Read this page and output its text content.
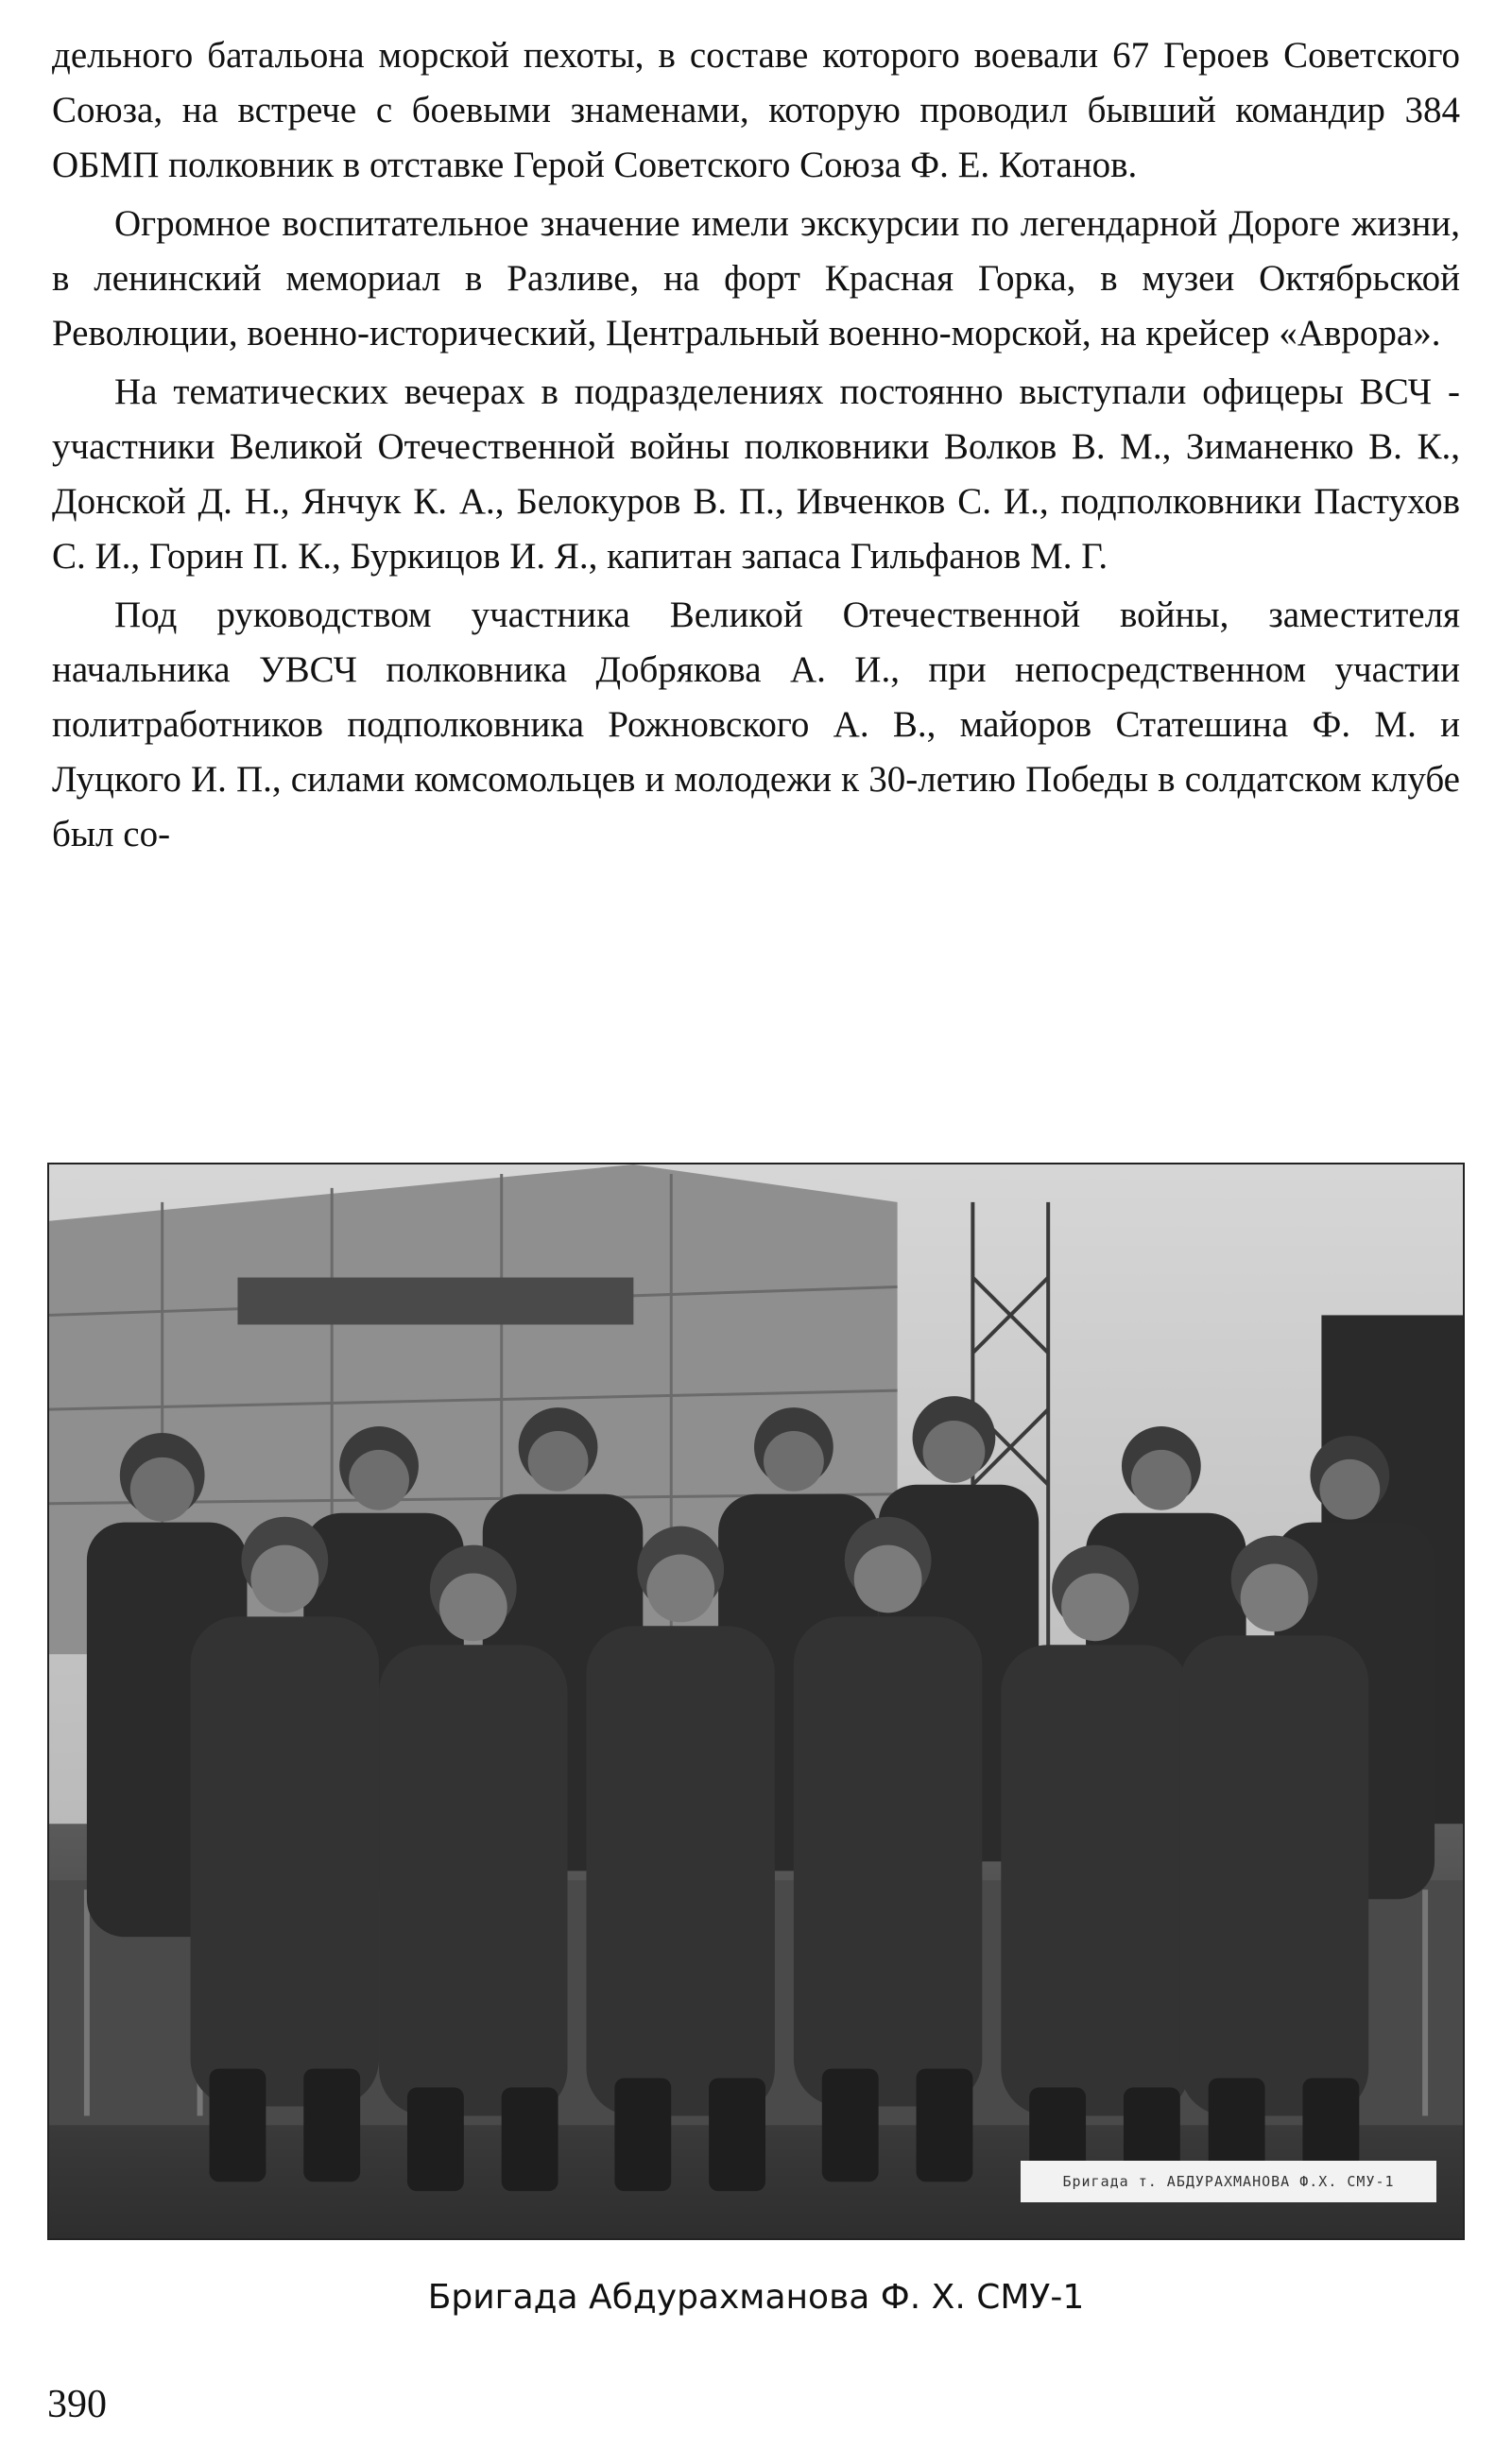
дельного батальона морской пехоты, в составе которого воевали 67 Героев Советского Союза, на встрече с боевыми знаменами, которую проводил бывший командир 384 ОБМП полковник в отставке Герой Советского Союза Ф. Е. Котанов.

Огромное воспитательное значение имели экскурсии по легендарной Дороге жизни, в ленинский мемориал в Разливе, на форт Красная Горка, в музеи Октябрьской Революции, военно-исторический, Центральный военно-морской, на крейсер «Аврора».

На тематических вечерах в подразделениях постоянно выступали офицеры ВСЧ - участники Великой Отечественной войны полковники Волков В. М., Зиманенко В. К., Донской Д. Н., Янчук К. А., Белокуров В. П., Ивченков С. И., подполковники Пастухов С. И., Горин П. К., Буркицов И. Я., капитан запаса Гильфанов М. Г.

Под руководством участника Великой Отечественной войны, заместителя начальника УВСЧ полковника Добрякова А. И., при непосредственном участии политработников подполковника Рожновского А. В., майоров Статешина Ф. М. и Луцкого И. П., силами комсомольцев и молодежи к 30-летию Победы в солдатском клубе был со-

Бригада т. АБДУРАХМАНОВА Ф.Х. СМУ-1
Бригада Абдурахманова Ф. Х. СМУ-1
390
